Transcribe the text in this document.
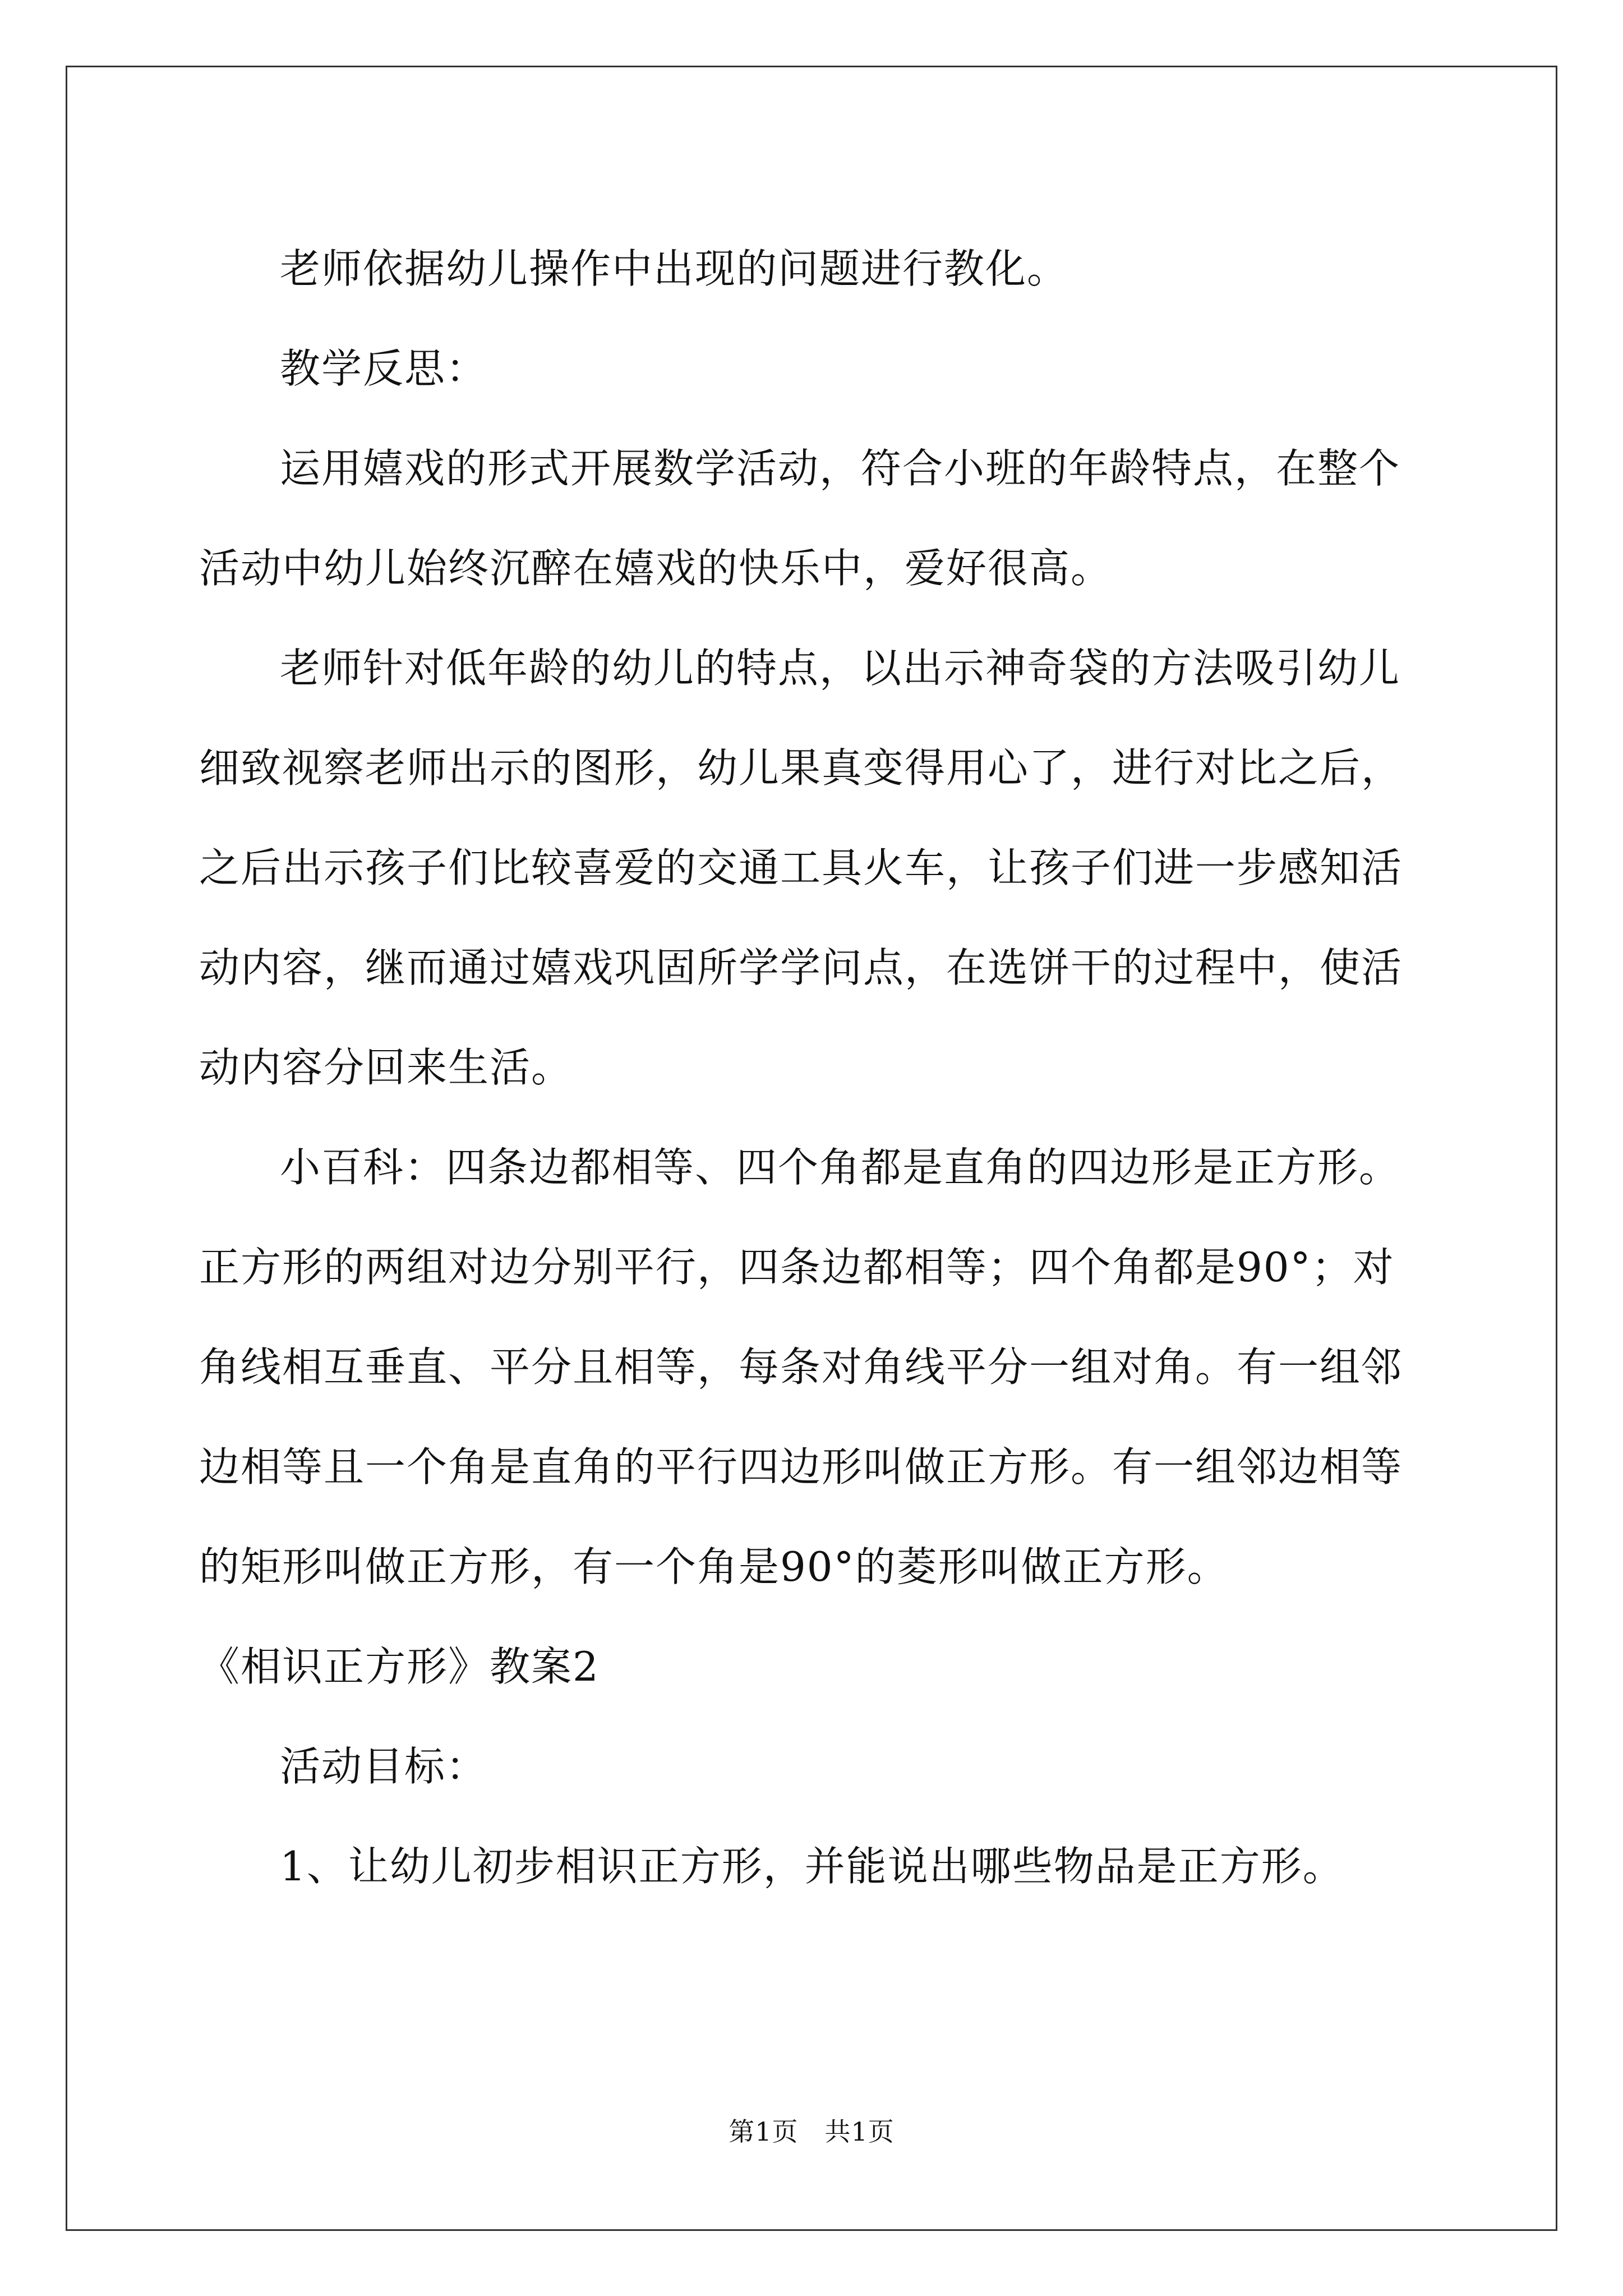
老师依据幼儿操作中出现的问题进行教化。

教学反思：

运用嬉戏的形式开展数学活动，符合小班的年龄特点，在整个活动中幼儿始终沉醉在嬉戏的快乐中，爱好很高。

老师针对低年龄的幼儿的特点，以出示神奇袋的方法吸引幼儿细致视察老师出示的图形，幼儿果真变得用心了，进行对比之后，之后出示孩子们比较喜爱的交通工具火车，让孩子们进一步感知活动内容，继而通过嬉戏巩固所学学问点，在选饼干的过程中，使活动内容分回来生活。

小百科：四条边都相等、四个角都是直角的四边形是正方形。正方形的两组对边分别平行，四条边都相等；四个角都是90°；对角线相互垂直、平分且相等，每条对角线平分一组对角。有一组邻边相等且一个角是直角的平行四边形叫做正方形。有一组邻边相等的矩形叫做正方形，有一个角是90°的菱形叫做正方形。

《相识正方形》教案2

活动目标：

1、让幼儿初步相识正方形，并能说出哪些物品是正方形。

第1页　共1页
